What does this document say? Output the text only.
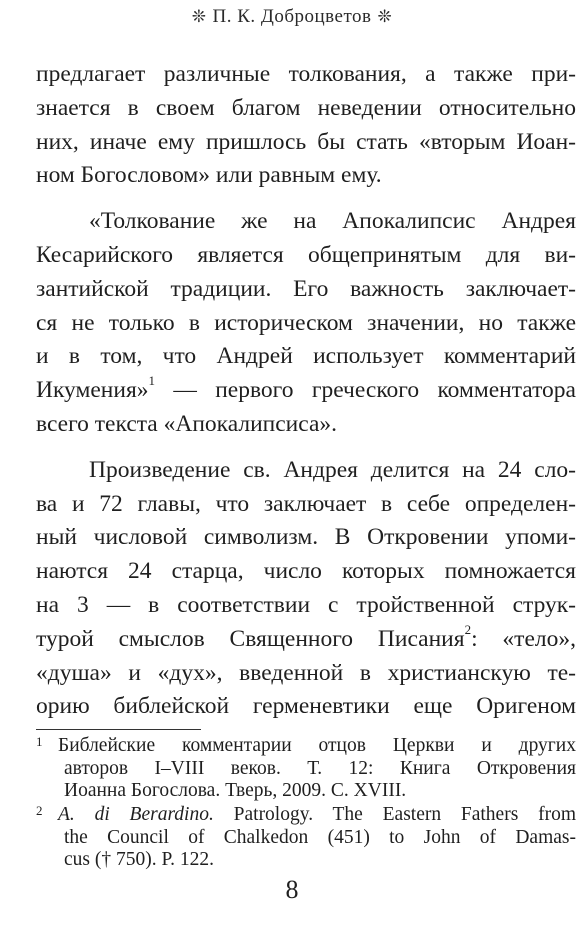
❊ П. К. Доброцветов ❊

предлагает различные толкования, а также при-
знается в своем благом неведении относительно
них, иначе ему пришлось бы стать «вторым Иоан-
ном Богословом» или равным ему.

«Толкование же на Апокалипсис Андрея
Кесарийского является общепринятым для ви-
зантийской традиции. Его важность заключает-
ся не только в историческом значении, но также
и в том, что Андрей использует комментарий
Икумения»$^1$ — первого греческого комментатора
всего текста «Апокалипсиса».

Произведение св. Андрея делится на 24 сло-
ва и 72 главы, что заключает в себе определен-
ный числовой символизм. В Откровении упоми-
наются 24 старца, число которых помножается
на 3 — в соответствии с тройственной струк-
турой смыслов Священного Писания$^2$: «тело»,
«душа» и «дух», введенной в христианскую те-
орию библейской герменевтики еще Оригеном

1 Библейские комментарии отцов Церкви и других
авторов I–VIII веков. Т. 12: Книга Откровения
Иоанна Богослова. Тверь, 2009. С. XVIII.
2 A. di Berardino. Patrology. The Eastern Fathers from
the Council of Chalkedon (451) to John of Damas-
cus († 750). P. 122.
8
